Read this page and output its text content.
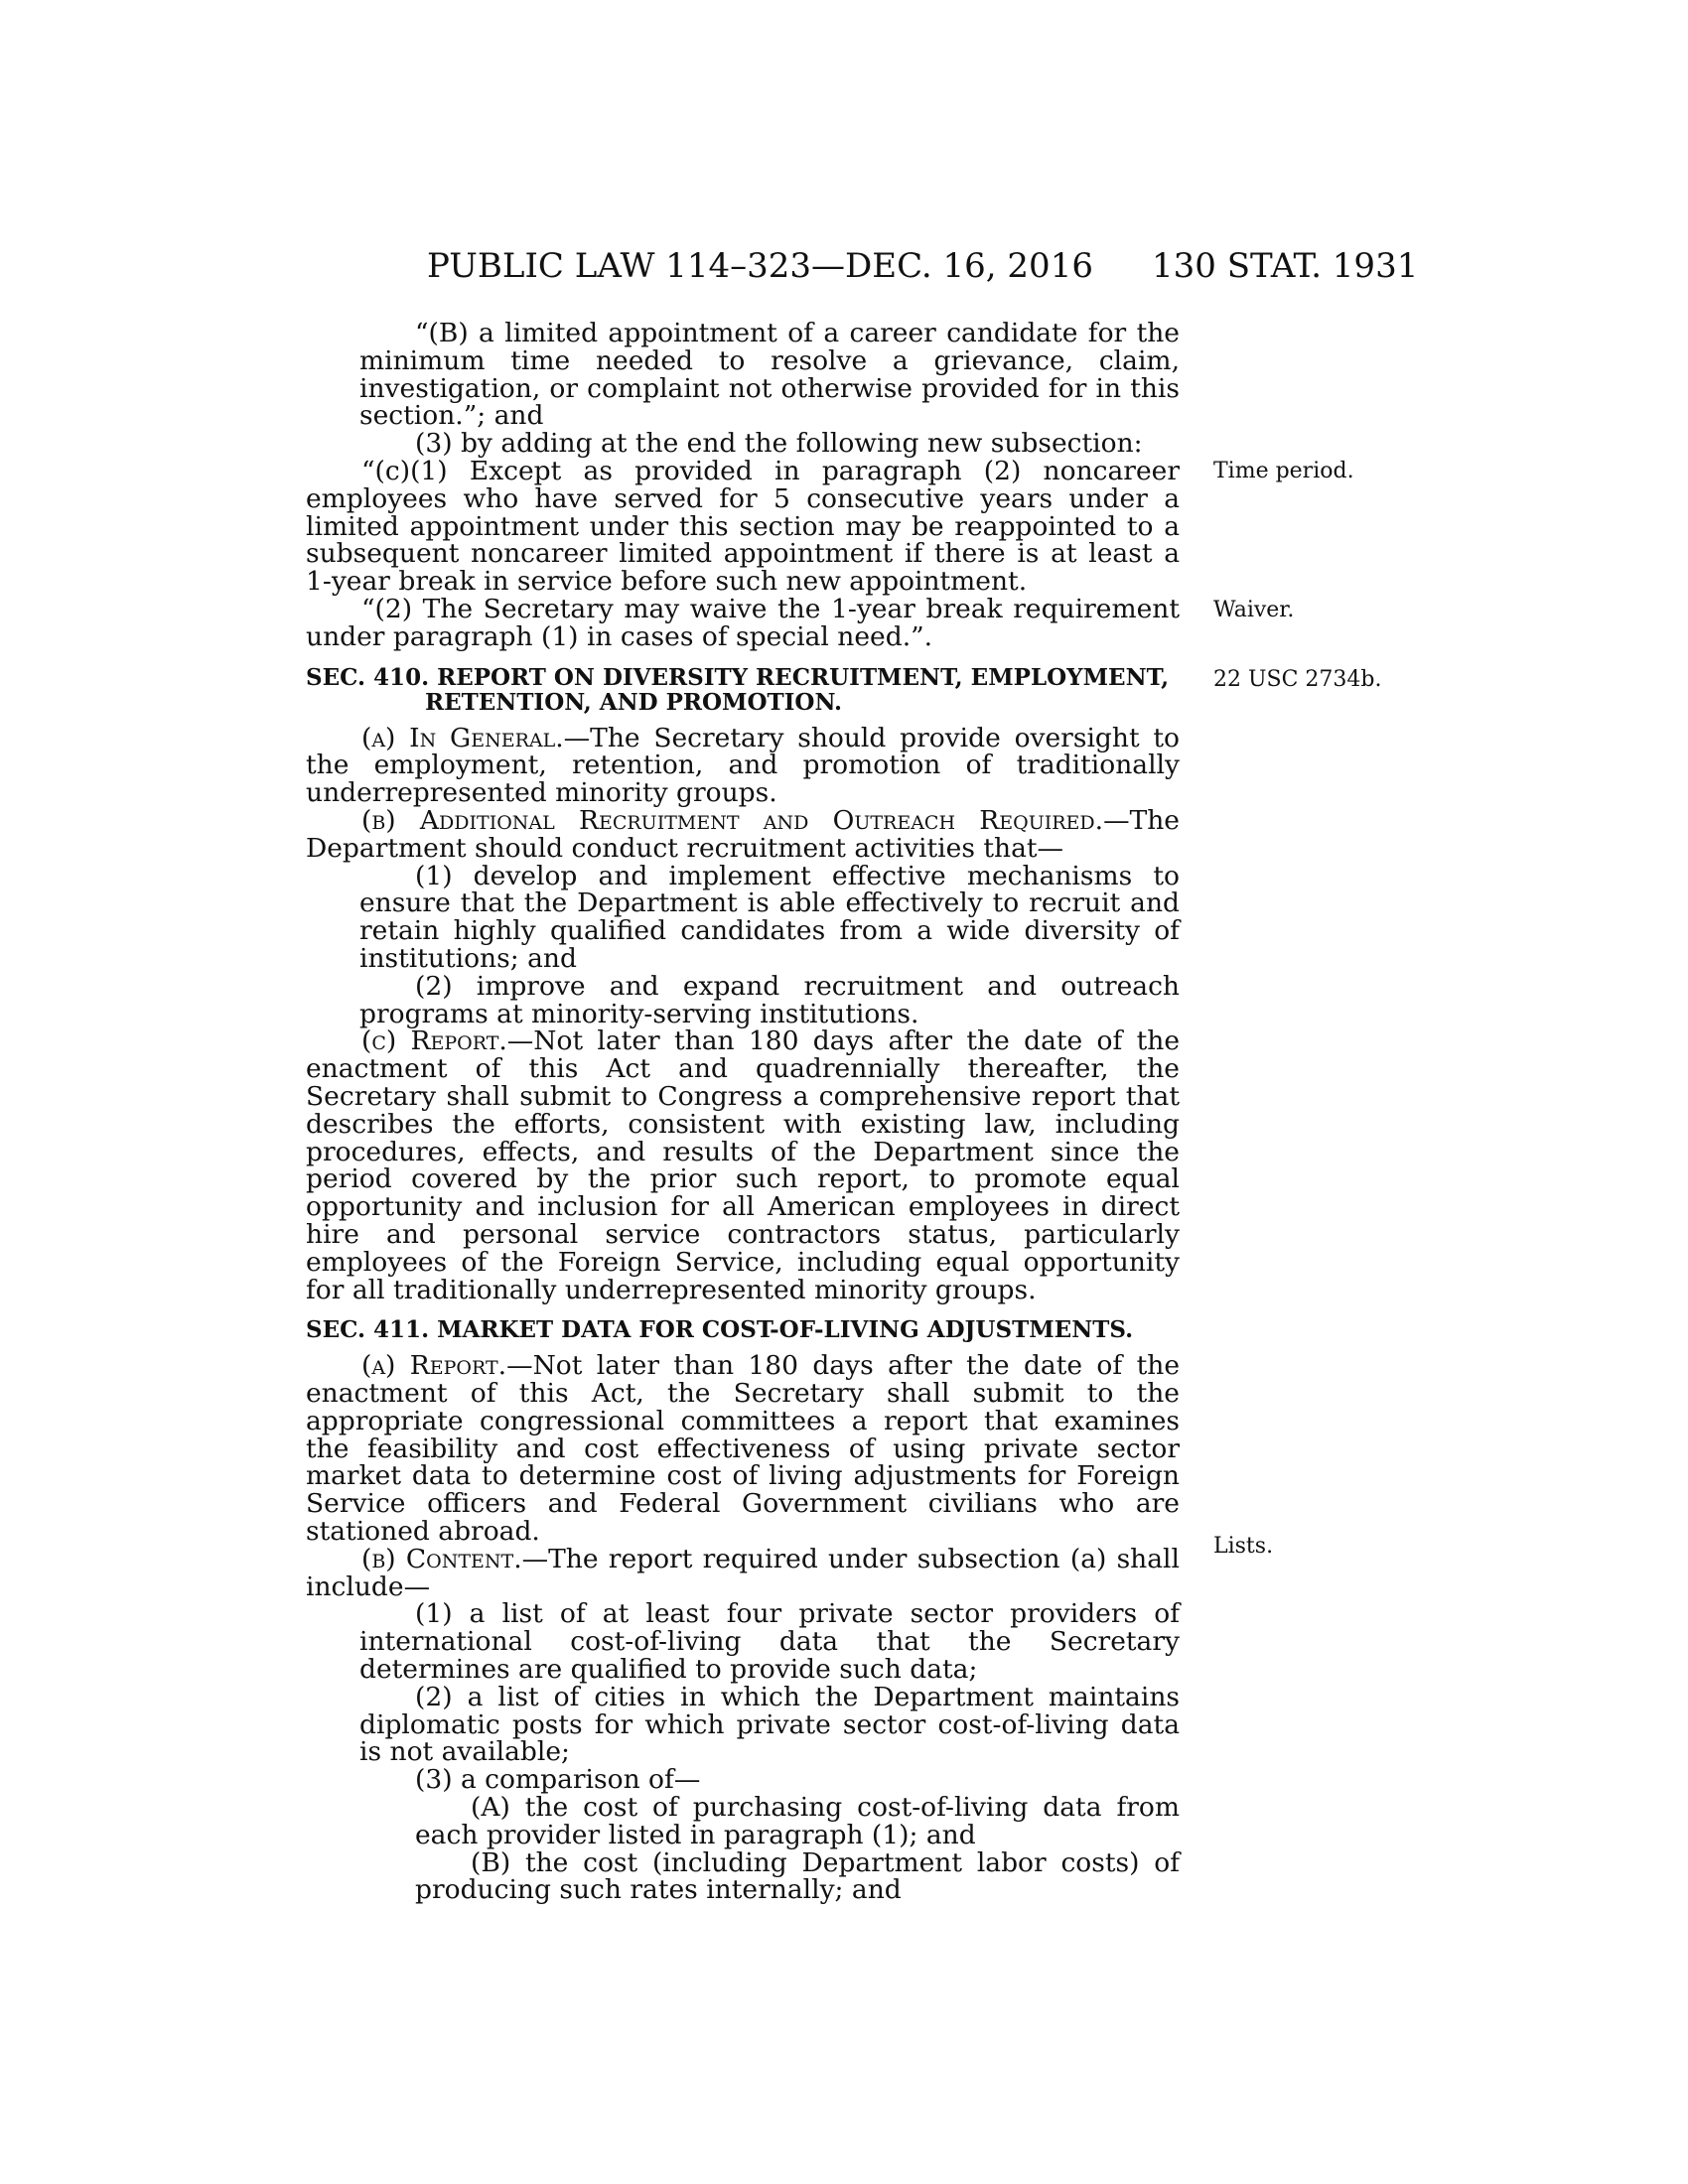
PUBLIC LAW 114–323—DEC. 16, 2016 130 STAT. 1931

“(B) a limited appointment of a career candidate for the minimum time needed to resolve a grievance, claim, investigation, or complaint not otherwise provided for in this section.”; and

(3) by adding at the end the following new subsection:

“(c)(1) Except as provided in paragraph (2) noncareer employees who have served for 5 consecutive years under a limited appointment under this section may be reappointed to a subsequent noncareer limited appointment if there is at least a 1-year break in service before such new appointment.

“(2) The Secretary may waive the 1-year break requirement under paragraph (1) in cases of special need.”.

SEC. 410. REPORT ON DIVERSITY RECRUITMENT, EMPLOYMENT,
RETENTION, AND PROMOTION.

(a) In General.—The Secretary should provide oversight to the employment, retention, and promotion of traditionally underrepresented minority groups.

(b) Additional Recruitment and Outreach Required.—The Department should conduct recruitment activities that—

(1) develop and implement effective mechanisms to ensure that the Department is able effectively to recruit and retain highly qualified candidates from a wide diversity of institutions; and

(2) improve and expand recruitment and outreach programs at minority-serving institutions.

(c) Report.—Not later than 180 days after the date of the enactment of this Act and quadrennially thereafter, the Secretary shall submit to Congress a comprehensive report that describes the efforts, consistent with existing law, including procedures, effects, and results of the Department since the period covered by the prior such report, to promote equal opportunity and inclusion for all American employees in direct hire and personal service contractors status, particularly employees of the Foreign Service, including equal opportunity for all traditionally underrepresented minority groups.

SEC. 411. MARKET DATA FOR COST-OF-LIVING ADJUSTMENTS.

(a) Report.—Not later than 180 days after the date of the enactment of this Act, the Secretary shall submit to the appropriate congressional committees a report that examines the feasibility and cost effectiveness of using private sector market data to determine cost of living adjustments for Foreign Service officers and Federal Government civilians who are stationed abroad.

(b) Content.—The report required under subsection (a) shall include—

(1) a list of at least four private sector providers of international cost-of-living data that the Secretary determines are qualified to provide such data;

(2) a list of cities in which the Department maintains diplomatic posts for which private sector cost-of-living data is not available;

(3) a comparison of—

(A) the cost of purchasing cost-of-living data from each provider listed in paragraph (1); and

(B) the cost (including Department labor costs) of producing such rates internally; and

Time period.
Waiver.
22 USC 2734b.
Lists.
